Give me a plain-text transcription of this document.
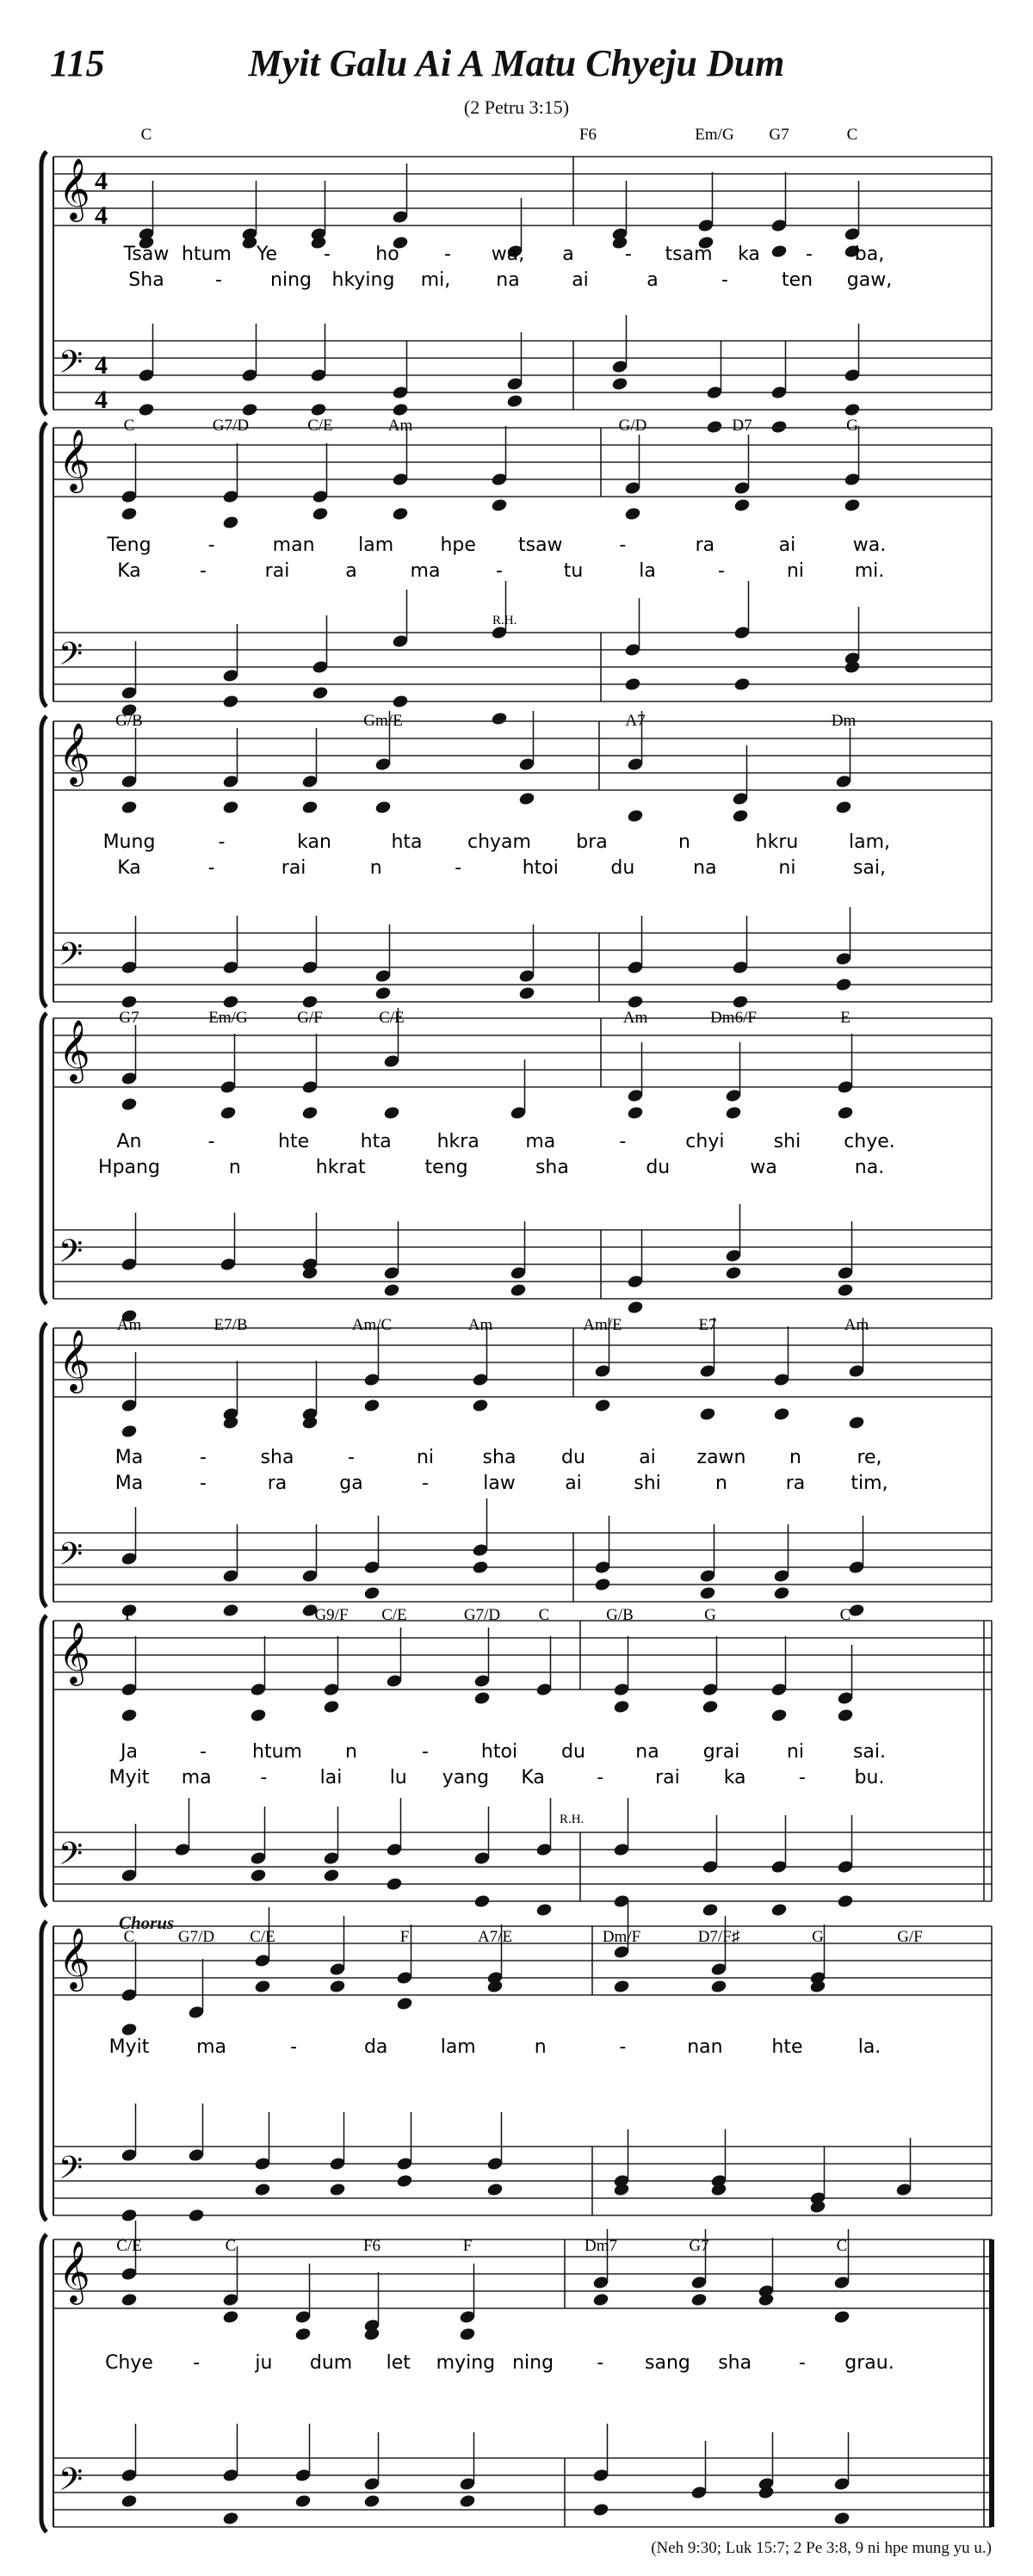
115	Myit Galu Ai A Matu Chyeju Dum
(2 Petru 3:15)
Chorus
𝄞
𝄢
4
4
4
4
C	F6	Em/G G7	C
Tsaw htum Ye - ho - wa, a	- tsam ka - ba,
Sha	-	ning hkying mi, na	ai	a	-	ten gaw,
𝄞
𝄢
C	G7/D	C/E	Am	G/D	D7	G
Teng	-	man lam hpe tsaw	-	ra	ai	wa.
Ka	-	rai	a	ma	-	tu	la	-	ni	mi.
R.H.
𝄞
𝄢
G/B	Gm/E	A7	Dm
Mung	-	kan	hta chyam bra	n	hkru	lam,
Ka	-	rai	n	-	htoi	du	na	ni	sai,
𝄞
𝄢
G7	Em/G	G/F	C/E	Am	Dm6/F	E
An	-	hte	hta hkra ma	-	chyi	shi chye.
Hpang	n	hkrat	teng	sha	du	wa	na.
𝄞
𝄢
Am	E7/B	Am/C	Am	Am/E	E7	Am
Ma	-	sha	-	ni	sha du	ai zawn n	re,
Ma	-	ra	ga	-	law	ai	shi	n	ra tim,
𝄞
𝄢
F	G9/F C/E	G7/D C	G/B	G	C
Ja	- htum n	-	htoi du	na grai ni	sai.
Myit ma	-	lai	lu yang Ka	-	rai ka	-	bu.
R.H.
𝄞
𝄢
C	G7/D C/E	F	A7/E	Dm/F	D7/F♯	G	G/F
Myit ma	-	da	lam	n	-	nan	hte	la.
𝄞
𝄢
C/E	C	F6	F	Dm7	G7	C
Chye -	ju dum let mying ning - sang sha - grau.
(Neh 9:30; Luk 15:7; 2 Pe 3:8, 9 ni hpe mung yu u.)
